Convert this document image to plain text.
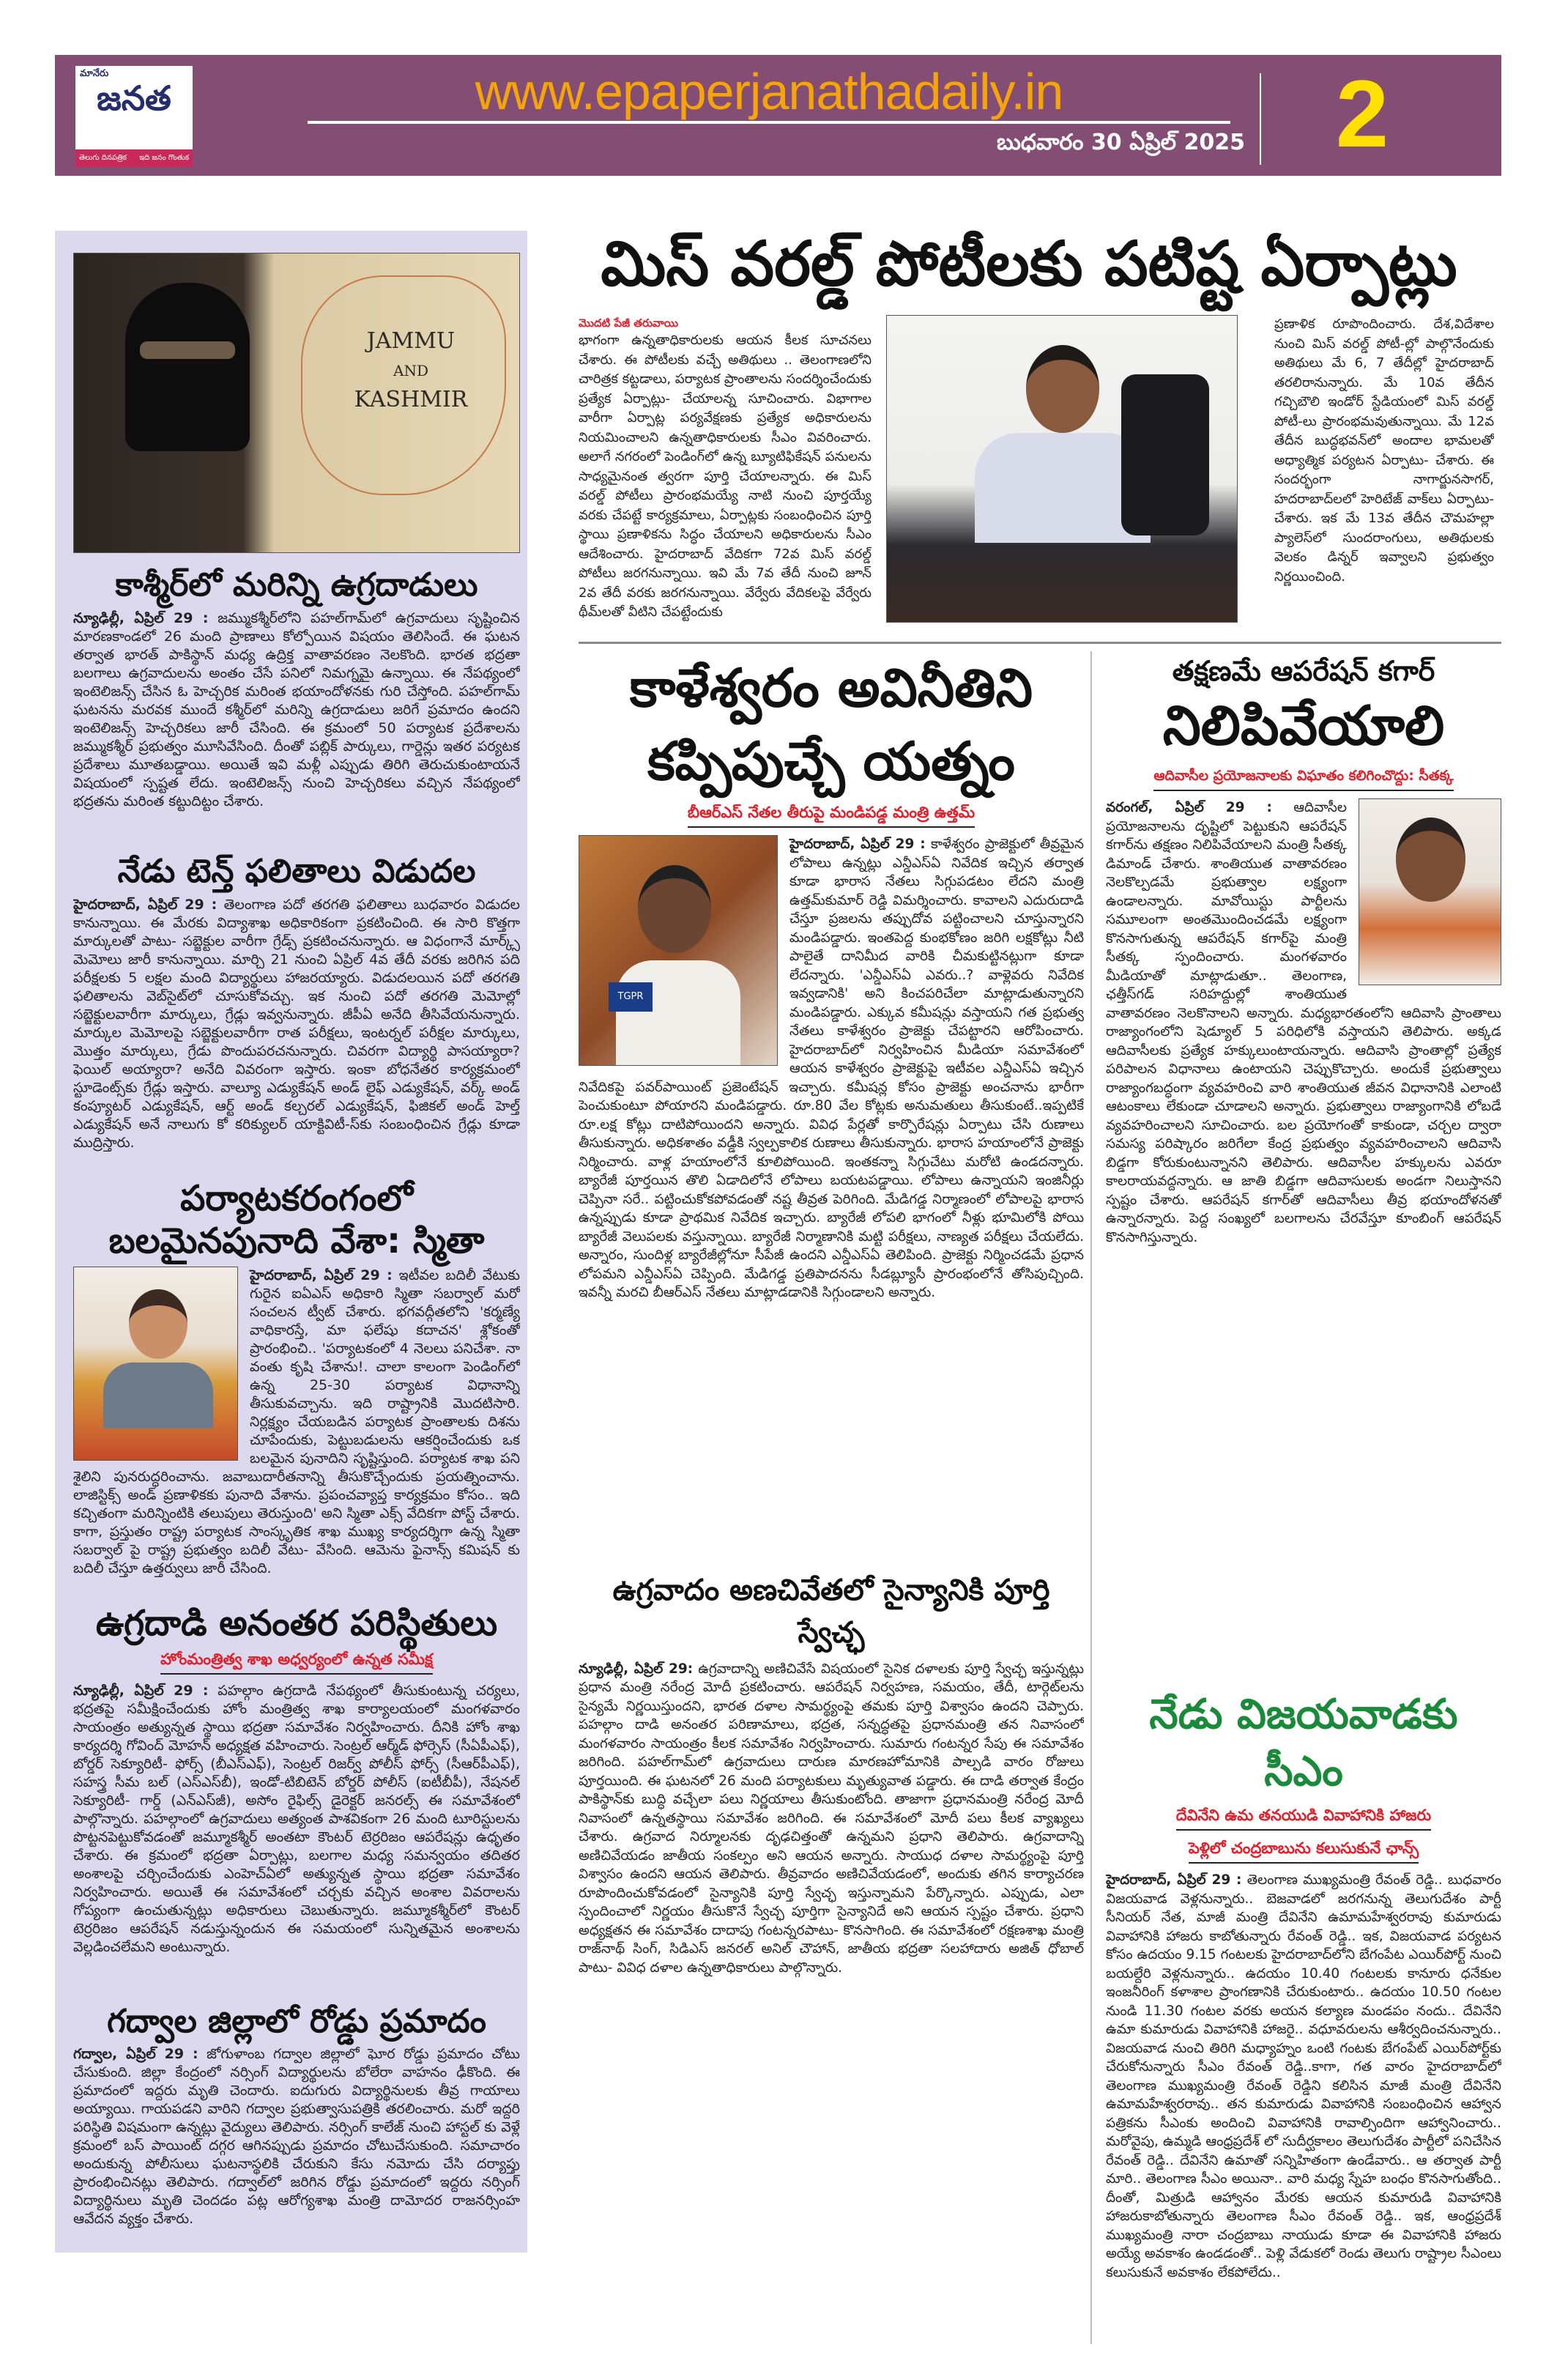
మానేరు
జనత
తెలుగు దినపత్రిక ఇది జనం గొంతుక
www.epaperjanathadaily.in
బుధవారం 30 ఏప్రిల్ 2025 2
JAMMU
AND
KASHMIR
కాశ్మీర్‌లో మరిన్ని ఉగ్రదాడులు
న్యూఢిల్లీ, ఏప్రిల్ 29 : జమ్ముకశ్మీర్‌లోని పహల్‌గామ్‌లో ఉగ్రవాదులు సృష్టించిన మారణకాండలో 26 మంది ప్రాణాలు కోల్పోయిన విషయం తెలిసిందే. ఈ ఘటన తర్వాత భారత్ పాకిస్థాన్ మధ్య ఉద్రిక్త వాతావరణం నెలకొంది. భారత భద్రతా బలగాలు ఉగ్రవాదులను అంతం చేసే పనిలో నిమగ్నమై ఉన్నాయి. ఈ నేపథ్యంలో ఇంటెలిజన్స్ చేసిన ఓ హెచ్చరిక మరింత భయాందోళనకు గురి చేస్తోంది. పహల్‌గామ్ ఘటనను మరవక ముందే కశ్మీర్‌లో మరిన్ని ఉగ్రదాడులు జరిగే ప్రమాదం ఉందని ఇంటెలిజన్స్ హెచ్చరికలు జారీ చేసింది. ఈ క్రమంలో 50 పర్యాటక ప్రదేశాలను జమ్ముకశ్మీర్ ప్రభుత్వం మూసివేసింది. దీంతో పబ్లిక్ పార్కులు, గార్డెన్లు ఇతర పర్యటక ప్రదేశాలు మూతబడ్డాయి. అయితే ఇవి మళ్లీ ఎప్పుడు తిరిగి తెరుచుకుంటాయనే విషయంలో స్పష్టత లేదు. ఇంటెలిజన్స్ నుంచి హెచ్చరికలు వచ్చిన నేపథ్యంలో భద్రతను మరింత కట్టుదిట్టం చేశారు.
నేడు టెన్త్ ఫలితాలు విడుదల
హైదరాబాద్, ఏప్రిల్ 29 : తెలంగాణ పదో తరగతి ఫలితాలు బుధవారం విడుదల కానున్నాయి. ఈ మేరకు విద్యాశాఖ అధికారికంగా ప్రకటించింది. ఈ సారి కొత్తగా మార్కులతో పాటు- సబ్జెక్టుల వారీగా గ్రేడ్స్ ప్రకటించనున్నారు. ఆ విధంగానే మార్క్స్ మెమోలు జారీ కానున్నాయి. మార్చి 21 నుంచి ఏప్రిల్ 4వ తేదీ వరకు జరిగిన పది పరీక్షలకు 5 లక్షల మంది విద్యార్థులు హాజరయ్యారు. విడుదలయిన పదో తరగతి ఫలితాలను వెబ్‌సైట్‌లో చూసుకోవచ్చు. ఇక నుంచి పదో తరగతి మెమోల్లో సబ్జెక్టులవారీగా మార్కులు, గ్రేడ్లు ఇవ్వనున్నారు. జీపీఏ అనేది తీసివేయనున్నారు. మార్కుల మెమోలపై సబ్జెక్టులవారీగా రాత పరీక్షలు, ఇంటర్నల్ పరీక్షల మార్కులు, మొత్తం మార్కులు, గ్రేడు పొందుపరచనున్నారు. చివరగా విద్యార్థి పాసయ్యారా? ఫెయిల్ అయ్యారా? అనేది వివరంగా ఇస్తారు. ఇంకా బోధనేతర కార్యక్రమంలో స్టూడెంట్స్‌కు గ్రేడ్లు ఇస్తారు. వాల్యూ ఎడ్యుకేషన్ అండ్ లైఫ్ ఎడ్యుకేషన్, వర్క్ అండ్ కంప్యూటర్ ఎడ్యుకేషన్, ఆర్ట్ అండ్ కల్చరల్ ఎడ్యుకేషన్, ఫిజికల్ అండ్ హెల్త్ ఎడ్యుకేషన్ అనే నాలుగు కో కరిక్యులర్ యాక్టివిటీ-స్‌కు సంబంధించిన గ్రేడ్లు కూడా ముద్రిస్తారు.
పర్యాటకరంగంలో
బలమైనపునాది వేశా: స్మితా
హైదరాబాద్, ఏప్రిల్ 29 : ఇటీవల బదిలీ వేటుకు గురైన ఐఏఎస్ అధికారి స్మితా సబర్వాల్ మరో సంచలన ట్వీట్ చేశారు. భగవద్గీతలోని 'కర్మణ్యే వాధికారస్తే, మా ఫలేషు కదాచన' శ్లోకంతో ప్రారంభించి.. 'పర్యాటకంలో 4 నెలలు పనిచేశా. నా వంతు కృషి చేశాను!. చాలా కాలంగా పెండింగ్‌లో ఉన్న 25-30 పర్యాటక విధానాన్ని తీసుకువచ్చాను. ఇది రాష్ట్రానికి మొదటిసారి. నిర్లక్ష్యం చేయబడిన పర్యాటక ప్రాంతాలకు దిశను చూపేందుకు, పెట్టుబడులను ఆకర్షించేందుకు ఒక బలమైన పునాదిని సృష్టిస్తుంది. పర్యాటక శాఖ పని శైలిని పునరుద్ధరించాను. జవాబుదారీతనాన్ని తీసుకొచ్చేందుకు ప్రయత్నించాను. లాజిస్టిక్స్ అండ్ ప్రణాళికకు పునాది వేశాను. ప్రపంచవ్యాప్త కార్యక్రమం కోసం.. ఇది కచ్చితంగా మరిన్నింటికి తలుపులు తెరుస్తుంది' అని స్మితా ఎక్స్ వేదికగా పోస్ట్ చేశారు. కాగా, ప్రస్తుతం రాష్ట్ర పర్యాటక సాంస్కృతిక శాఖ ముఖ్య కార్యదర్శిగా ఉన్న స్మితా సబర్వాల్ పై రాష్ట్ర ప్రభుత్వం బదిలీ వేటు- వేసింది. ఆమెను ఫైనాన్స్ కమిషన్ కు బదిలీ చేస్తూ ఉత్తర్వులు జారీ చేసింది.
ఉగ్రదాడి అనంతర పరిస్థితులు
హోంమంత్రిత్వ శాఖ అధ్వర్యంలో ఉన్నత సమీక్ష
న్యూఢిల్లీ, ఏప్రిల్ 29 : పహల్గాం ఉగ్రదాడి నేపథ్యంలో తీసుకుంటున్న చర్యలు, భద్రతపై సమీక్షించేందుకు హోం మంత్రిత్వ శాఖ కార్యాలయంలో మంగళవారం సాయంత్రం అత్యున్నత స్థాయి భద్రతా సమావేశం నిర్వహించారు. దీనికి హోం శాఖ కార్యదర్శి గోవింద్ మోహన్ అధ్యక్షత వహించారు. సెంట్రల్ ఆర్మ్‌డ్ ఫోర్సెస్ (సీఏపీఎఫ్), బోర్డర్ సెక్యూరిటీ- ఫోర్స్ (బీఎస్ఎఫ్), సెంట్రల్ రిజర్వ్ పోలీస్ ఫోర్స్ (సీఆర్‌పీఎఫ్), సహస్త్ర సీమ బల్ (ఎస్ఎస్‌బీ), ఇండో-టిబిటెన్ బోర్డర్ పోలీస్ (ఐటీబీపీ), నేషనల్ సెక్యూరిటీ- గార్డ్ (ఎన్ఎస్‌జీ), అసోం రైఫిల్స్ డైరెక్టర్ జనరల్స్ ఈ సమావేశంలో పాల్గొన్నారు. పహల్గాంలో ఉగ్రవాదులు అత్యంత పాశవికంగా 26 మంది టూరిస్టులను పొట్టనపెట్టుకోవడంతో జమ్మూకశ్మీర్ అంతటా కౌంటర్ టెర్రరిజం ఆపరేషన్లు ఉధృతం చేశారు. ఈ క్రమంలో భద్రతా ఏర్పాట్లు, బలగాల మధ్య సమన్వయం తదితర అంశాలపై చర్చించేందుకు ఎంహెచ్ఏలో అత్యున్నత స్థాయి భద్రతా సమావేశం నిర్వహించారు. అయితే ఈ సమావేశంలో చర్చకు వచ్చిన అంశాల వివరాలను గోప్యంగా ఉంచుతున్నట్లు అధికారులు చెబుతున్నారు. జమ్మూకశ్మీర్‌లో కౌంటర్ టెర్రరిజం ఆపరేషన్ నడుస్తున్నందున ఈ సమయంలో సున్నితమైన అంశాలను వెల్లడించలేమని అంటున్నారు.
గద్వాల జిల్లాలో రోడ్డు ప్రమాదం
గద్వాల, ఏప్రిల్ 29 : జోగుళాంబ గద్వాల జిల్లాలో ఘోర రోడ్డు ప్రమాదం చోటు చేసుకుంది. జిల్లా కేంద్రంలో నర్సింగ్ విద్యార్థులను బోలేరా వాహనం ఢీకొంది. ఈ ప్రమాదంలో ఇద్దరు మృతి చెందారు. ఐదుగురు విద్యార్థినులకు తీవ్ర గాయాలు అయ్యాయి. గాయపడని వారిని గద్వాల ప్రభుత్వాసుపత్రికి తరలించారు. మరో ఇద్దరి పరిస్థితి విషమంగా ఉన్నట్లు వైద్యులు తెలిపారు. నర్సింగ్ కాలేజ్ నుంచి హాస్టల్ కు వెళ్లే క్రమంలో బస్ పాయింట్ దగ్గర ఆగినప్పుడు ప్రమాదం చోటుచేసుకుంది. సమాచారం అందుకున్న పోలీసులు ఘటనాస్థలికి చేరుకుని కేసు నమోదు చేసి దర్యాప్తు ప్రారంభించినట్లు తెలిపారు. గద్వాల్‌లో జరిగిన రోడ్డు ప్రమాదంలో ఇద్దరు నర్సింగ్ విద్యార్థినులు మృతి చెందడం పట్ల ఆరోగ్యశాఖ మంత్రి దామోదర రాజనర్సింహ ఆవేదన వ్యక్తం చేశారు.
మిస్ వరల్డ్ పోటీలకు పటిష్ట ఏర్పాట్లు
మొదటి పేజీ తరువాయి
భాగంగా ఉన్నతాధికారులకు ఆయన కీలక సూచనలు చేశారు. ఈ పోటీలకు వచ్చే అతిథులు .. తెలంగాణలోని చారిత్రక కట్టడాలు, పర్యాటక ప్రాంతాలను సందర్శించేందుకు ప్రత్యేక ఏర్పాట్లు- చేయాలన్న సూచించారు. విభాగాల వారీగా ఏర్పాట్ల పర్యవేక్షణకు ప్రత్యేక అధికారులను నియమించాలని ఉన్నతాధికారులకు సీఎం వివరించారు. అలాగే నగరంలో పెండింగ్‌లో ఉన్న బ్యూటిఫికేషన్ పనులను సాధ్యమైనంత త్వరగా పూర్తి చేయాలన్నారు. ఈ మిస్ వరల్డ్ పోటీలు ప్రారంభమయ్యే నాటి నుంచి పూర్తయ్యే వరకు చేపట్టే కార్యక్రమాలు, ఏర్పాట్లకు సంబంధించిన పూర్తి స్థాయి ప్రణాళికను సిద్ధం చేయాలని అధికారులను సీఎం ఆదేశించారు. హైదరాబాద్ వేదికగా 72వ మిస్ వరల్డ్ పోటీలు జరగనున్నాయి. ఇవి మే 7వ తేదీ నుంచి జూన్ 2వ తేదీ వరకు జరగనున్నాయి. వేర్వేరు వేదికలపై వేర్వేరు థీమ్‌లతో వీటిని చేపట్టేందుకు
ప్రణాళిక రూపొందించారు. దేశ,విదేశాల నుంచి మిస్ వరల్డ్ పోటీ-ల్లో పాల్గొనేందుకు అతిథులు మే 6, 7 తేదీల్లో హైదరాబాద్ తరలిరానున్నారు. మే 10వ తేదీన గచ్చిబౌలి ఇండోర్ స్టేడియంలో మిస్ వరల్డ్ పోటీ-లు ప్రారంభమవుతున్నాయి. మే 12వ తేదీన బుద్ధభవన్‌లో అందాల భామలతో అధ్యాత్మిక పర్యటన ఏర్పాటు- చేశారు. ఈ సందర్భంగా నాగార్జునసాగర్, హదరాబాద్‌లలో హెరిటేజ్ వాక్‌లు ఏర్పాటు- చేశారు. ఇక మే 13వ తేదీన చౌమహల్లా ప్యాలెస్‌లో సుందరాంగులు, అతిథులకు వెలకం డిన్నర్ ఇవ్వాలని ప్రభుత్వం నిర్ణయించింది.
కాళేశ్వరం అవినీతిని
కప్పిపుచ్చే యత్నం
బీఆర్ఎస్ నేతల తీరుపై మండిపడ్డ మంత్రి ఉత్తమ్
TGPR
హైదరాబాద్, ఏప్రిల్ 29 : కాళేశ్వరం ప్రాజెక్టులో తీవ్రమైన లోపాలు ఉన్నట్లు ఎన్డీఎస్ఏ నివేదిక ఇచ్చిన తర్వాత కూడా భారాస నేతలు సిగ్గుపడటం లేదని మంత్రి ఉత్తమ్‌కుమార్ రెడ్డి విమర్శించారు. కావాలని ఎదురుదాడి చేస్తూ ప్రజలను తప్పుదోవ పట్టించాలని చూస్తున్నారని మండిపడ్డారు. ఇంతపెద్ద కుంభకోణం జరిగి లక్షకోట్లు నీటి పాలైతే దానిమీద వారికి చీమకుట్టినట్లుగా కూడా లేదన్నారు. 'ఎన్డీఎస్ఏ ఎవరు..? వాళ్లెవరు నివేదిక ఇవ్వడానికి' అని కించపరిచేలా మాట్లాడుతున్నారని మండిపడ్డారు. ఎక్కువ కమీషన్లు వస్తాయని గత ప్రభుత్వ నేతలు కాళేశ్వరం ప్రాజెక్టు చేపట్టారని ఆరోపించారు. హైదరాబాద్‌లో నిర్వహించిన మీడియా సమావేశంలో ఆయన కాళేశ్వరం ప్రాజెక్టుపై ఇటీవల ఎన్డీఎస్ఏ ఇచ్చిన నివేదికపై పవర్‌పాయింట్ ప్రజెంటేషన్ ఇచ్చారు. కమీషన్ల కోసం ప్రాజెక్టు అంచనాను భారీగా పెంచుకుంటూ పోయారని మండిపడ్డారు. రూ.80 వేల కోట్లకు అనుమతులు తీసుకుంటే..ఇప్పటికే రూ.లక్ష కోట్లు దాటిపోయిందని అన్నారు. వివిధ పేర్లతో కార్పొరేషన్లు ఏర్పాటు చేసి రుణాలు తీసుకున్నారు. అధికశాతం వడ్డీకి స్వల్పకాలిక రుణాలు తీసుకున్నారు. భారాస హయాంలోనే ప్రాజెక్టు నిర్మించారు. వాళ్ల హయాంలోనే కూలిపోయింది. ఇంతకన్నా సిగ్గుచేటు మరోటి ఉండదన్నారు. బ్యారేజీ పూర్తయిన తొలి ఏడాదిలోనే లోపాలు బయటపడ్డాయి. లోపాలు ఉన్నాయని ఇంజినీర్లు చెప్పినా సరే.. పట్టించుకోకపోవడంతో నష్ట తీవ్రత పెరిగింది. మేడిగడ్డ నిర్మాణంలో లోపాలపై భారాస ఉన్నప్పుడు కూడా ప్రాథమిక నివేదిక ఇచ్చారు. బ్యారేజీ లోపలి భాగంలో నీళ్లు భూమిలోకి పోయి బ్యారేజీ వెలుపలకు వస్తున్నాయి. బ్యారేజీ నిర్మాణానికి మట్టి పరీక్షలు, నాణ్యత పరీక్షలు చేయలేదు. అన్నారం, సుందిళ్ల బ్యారేజీల్లోనూ సీపేజీ ఉందని ఎన్డీఎస్ఏ తెలిపింది. ప్రాజెక్టు నిర్మించడమే ప్రధాన లోపమని ఎన్డీఎస్ఏ చెప్పింది. మేడిగడ్డ ప్రతిపాదనను సీడబ్ల్యూసీ ప్రారంభంలోనే తోసిపుచ్చింది. ఇవన్నీ మరచి బీఆర్ఎస్ నేతలు మాట్లాడడానికి సిగ్గుండాలని అన్నారు.
ఉగ్రవాదం అణచివేతలో సైన్యానికి పూర్తి స్వేచ్ఛ
న్యూఢిల్లీ, ఏప్రిల్ 29: ఉగ్రవాదాన్ని అణిచివేసే విషయంలో సైనిక దళాలకు పూర్తి స్వేచ్ఛ ఇస్తున్నట్లు ప్రధాన మంత్రి నరేంద్ర మోదీ ప్రకటించారు. ఆపరేషన్ నిర్వహణ, సమయం, తేదీ, టార్గెట్‌లను సైన్యమే నిర్ణయిస్తుందని, భారత దళాల సామర్థ్యంపై తమకు పూర్తి విశ్వాసం ఉందని చెప్పారు. పహల్గాం దాడి అనంతర పరిణామాలు, భద్రత, సన్నద్ధతపై ప్రధానమంత్రి తన నివాసంలో మంగళవారం సాయంత్రం కీలక సమావేశం నిర్వహించారు. సుమారు గంటన్నర సేపు ఈ సమావేశం జరిగింది. పహల్‌గామ్‌లో ఉగ్రవాదులు దారుణ మారణహోమానికి పాల్పడి వారం రోజులు పూర్తయింది. ఈ ఘటనలో 26 మంది పర్యాటకులు మృత్యువాత పడ్డారు. ఈ దాడి తర్వాత కేంద్రం పాకిస్థాన్‌కు బుద్ధి వచ్చేలా పలు నిర్ణయాలు తీసుకుంటోంది. తాజాగా ప్రధానమంత్రి నరేంద్ర మోదీ నివాసంలో ఉన్నతస్థాయి సమావేశం జరిగింది. ఈ సమావేశంలో మోదీ పలు కీలక వ్యాఖ్యలు చేశారు. ఉగ్రవాద నిర్మూలనకు దృఢచిత్తంతో ఉన్నమని ప్రధాని తెలిపారు. ఉగ్రవాదాన్ని అణిచివేయడం జాతీయ సంకల్పం అని ఆయన అన్నారు. సాయుధ దళాల సామర్థ్యంపై పూర్తి విశ్వాసం ఉందని ఆయన తెలిపారు. తీవ్రవాదం అణిచివేయడంలో, అందుకు తగిన కార్యాచరణ రూపొందించుకోవడంలో సైన్యానికి పూర్తి స్వేచ్ఛ ఇస్తున్నామని పేర్కొన్నారు. ఎప్పుడు, ఎలా స్పందించాలో నిర్ణయం తీసుకొనే స్వేచ్ఛ పూర్తిగా సైన్యానిదే అని ఆయన స్పష్టం చేశారు. ప్రధాని అధ్యక్షతన ఈ సమావేశం దాదాపు గంటన్నరపాటు- కొనసాగింది. ఈ సమావేశంలో రక్షణశాఖ మంత్రి రాజ్‌నాథ్ సింగ్, సిడిఎస్ జనరల్ అనిల్ చౌహాన్, జాతీయ భద్రతా సలహాదారు అజిత్ ధోబాల్ పాటు- వివిధ దళాల ఉన్నతాధికారులు పాల్గొన్నారు.
తక్షణమే ఆపరేషన్ కగార్
నిలిపివేయాలి
ఆదివాసీల ప్రయోజనాలకు విఘాతం కలిగించొద్దు: సీతక్క
వరంగల్, ఏప్రిల్ 29 : ఆదివాసీల ప్రయోజనాలను దృష్టిలో పెట్టుకుని ఆపరేషన్ కగార్‌ను తక్షణం నిలిపివేయాలని మంత్రి సీతక్క డిమాండ్ చేశారు. శాంతియుత వాతావరణం నెలకొల్పడమే ప్రభుత్వాల లక్ష్యంగా ఉండాలన్నారు. మావోయిస్టు పార్టీలను సమూలంగా అంతమొందించడమే లక్ష్యంగా కొనసాగుతున్న ఆపరేషన్ కగార్‌పై మంత్రి సీతక్క స్పందించారు. మంగళవారం మీడియాతో మాట్లాడుతూ.. తెలంగాణ, ఛత్తీస్‌గడ్ సరిహద్దుల్లో శాంతియుత వాతావరణం నెలకొనాలని అన్నారు. మధ్యభారతంలోని ఆదివాసి ప్రాంతాలు రాజ్యాంగంలోని షెడ్యూల్ 5 పరిధిలోకి వస్తాయని తెలిపారు. అక్కడ ఆదివాసీలకు ప్రత్యేక హక్కులుంటాయన్నారు. ఆదివాసి ప్రాంతాల్లో ప్రత్యేక పరిపాలన విధానాలు ఉంటాయని చెప్పుకొచ్చారు. అందుకే ప్రభుత్వాలు రాజ్యాంగబద్ధంగా వ్యవహరించి వారి శాంతియుత జీవన విధానానికి ఎలాంటి ఆటంకాలు లేకుండా చూడాలని అన్నారు. ప్రభుత్వాలు రాజ్యాంగానికి లోబడే వ్యవహరించాలని సూచించారు. బల ప్రయోగంతో కాకుండా, చర్చల ద్వారా సమస్య పరిష్కారం జరిగేలా కేంద్ర ప్రభుత్వం వ్యవహరించాలని ఆదివాసి బిడ్డగా కోరుకుంటున్నానని తెలిపారు. ఆదివాసీల హక్కులను ఎవరూ కాలరాయవద్దన్నారు. ఆ జాతి బిడ్డగా ఆదివాసులకు అండగా నిలుస్తానని స్పష్టం చేశారు. ఆపరేషన్ కగార్‌తో ఆదివాసీలు తీవ్ర భయాందోళనతో ఉన్నారన్నారు. పెద్ద సంఖ్యలో బలగాలను చేరవేస్తూ కూంబింగ్ ఆపరేషన్ కొనసాగిస్తున్నారు.
నేడు విజయవాడకు సీఎం
దేవినేని ఉమ తనయుడి వివాహానికి హాజరు
పెళ్లిలో చంద్రబాబును కలుసుకునే ఛాన్స్
హైదరాబాద్, ఏప్రిల్ 29 : తెలంగాణ ముఖ్యమంత్రి రేవంత్ రెడ్డి.. బుధవారం విజయవాడ వెళ్లనున్నారు.. బెజవాడలో జరగనున్న తెలుగుదేశం పార్టీ సీనియర్ నేత, మాజీ మంత్రి దేవినేని ఉమామహేశ్వరరావు కుమారుడు వివాహానికి హాజరు కాబోతున్నారు రేవంత్ రెడ్డి.. ఇక, విజయవాడ పర్యటన కోసం ఉదయం 9.15 గంటలకు హైదరాబాద్‌లోని బేగంపేట ఎయిర్‌పోర్ట్ నుంచి బయల్దేరి వెళ్లనున్నారు.. ఉదయం 10.40 గంటలకు కానూరు ధనేకుల ఇంజనీరింగ్ కళాశాల ప్రాంగణానికి చేరుకుంటారు.. ఉదయం 10.50 గంటల నుండి 11.30 గంటల వరకు అయన కల్యాణ మండపం నందు.. దేవినేని ఉమా కుమారుడు వివాహానికి హాజరై.. వధూవరులను ఆశీర్వదించనున్నారు.. విజయవాడ నుంచి తిరిగి మధ్యాహ్నం ఒంటి గంటకు బేగంపేట్ ఎయిర్‌పోర్ట్‌కు చేరుకోనున్నారు సీఎం రేవంత్ రెడ్డి..కాగా, గత వారం హైదరాబాద్‌లో తెలంగాణ ముఖ్యమంత్రి రేవంత్ రెడ్డిని కలిసిన మాజీ మంత్రి దేవినేని ఉమామహేశ్వరరావు.. తన కుమారుడు వివాహానికి సంబంధించిన ఆహ్వాన పత్రికను సీఎంకు అందించి వివాహానికి రావాల్సిందిగా ఆహ్వానించారు.. మరోవైపు, ఉమ్మడి ఆంధ్రప్రదేశ్ లో సుదీర్ఘకాలం తెలుగుదేశం పార్టీలో పనిచేసిన రేవంత్ రెడ్డి.. దేవినేని ఉమాతో సన్నిహితంగా ఉండేవారు.. ఆ తర్వాత పార్టీ మారి.. తెలంగాణ సీఎం అయినా.. వారి మధ్య స్నేహ బంధం కొనసాగుతోంది.. దీంతో, మిత్రుడి ఆహ్వానం మేరకు ఆయన కుమారుడి వివాహానికి హాజరుకాబోతున్నారు తెలంగాణ సీఎం రేవంత్ రెడ్డి.. ఇక, ఆంధ్రప్రదేశ్ ముఖ్యమంత్రి నారా చంద్రబాబు నాయుడు కూడా ఈ వివాహానికి హాజరు అయ్యే అవకాశం ఉండడంతో.. పెళ్లి వేడుకలో రెండు తెలుగు రాష్ట్రాల సీఎంలు కలుసుకునే అవకాశం లేకపోలేదు..
